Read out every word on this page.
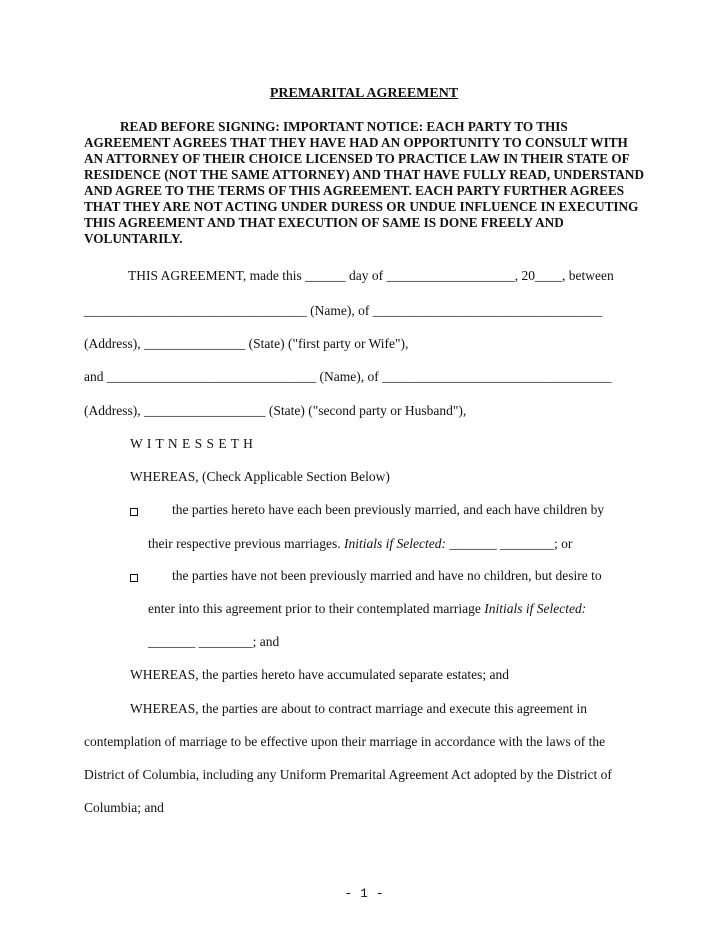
PREMARITAL AGREEMENT

READ BEFORE SIGNING: IMPORTANT NOTICE: EACH PARTY TO THIS AGREEMENT AGREES THAT THEY HAVE HAD AN OPPORTUNITY TO CONSULT WITH AN ATTORNEY OF THEIR CHOICE LICENSED TO PRACTICE LAW IN THEIR STATE OF RESIDENCE (NOT THE SAME ATTORNEY) AND THAT HAVE FULLY READ, UNDERSTAND AND AGREE TO THE TERMS OF THIS AGREEMENT. EACH PARTY FURTHER AGREES THAT THEY ARE NOT ACTING UNDER DURESS OR UNDUE INFLUENCE IN EXECUTING THIS AGREEMENT AND THAT EXECUTION OF SAME IS DONE FREELY AND VOLUNTARILY.

THIS AGREEMENT, made this ______ day of ___________________, 20____, between

_________________________________ (Name), of __________________________________

(Address), _______________ (State) ("first party or Wife"),

and _______________________________ (Name), of __________________________________

(Address), __________________ (State) ("second party or Husband"),

W I T N E S S E T H

WHEREAS, (Check Applicable Section Below)

the parties hereto have each been previously married, and each have children by

their respective previous marriages. Initials if Selected: _______ ________; or

the parties have not been previously married and have no children, but desire to

enter into this agreement prior to their contemplated marriage Initials if Selected:

_______ ________; and

WHEREAS, the parties hereto have accumulated separate estates; and

WHEREAS, the parties are about to contract marriage and execute this agreement in

contemplation of marriage to be effective upon their marriage in accordance with the laws of the

District of Columbia, including any Uniform Premarital Agreement Act adopted by the District of

Columbia; and

- 1 -
